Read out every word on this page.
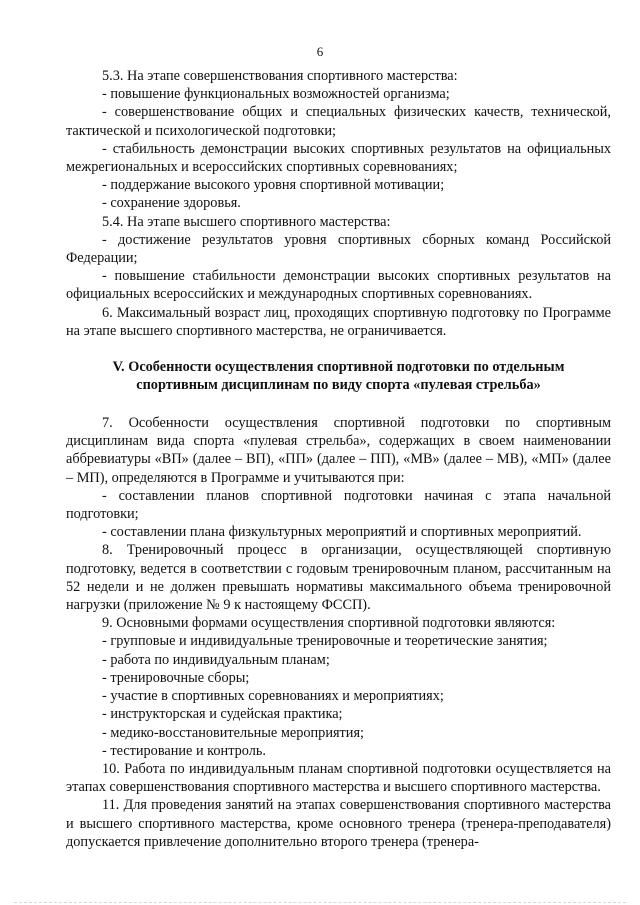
6

5.3. На этапе совершенствования спортивного мастерства:

- повышение функциональных возможностей организма;

- совершенствование общих и специальных физических качеств, технической, тактической и психологической подготовки;

- стабильность демонстрации высоких спортивных результатов на официальных межрегиональных и всероссийских спортивных соревнованиях;

- поддержание высокого уровня спортивной мотивации;

- сохранение здоровья.

5.4. На этапе высшего спортивного мастерства:

- достижение результатов уровня спортивных сборных команд Российской Федерации;

- повышение стабильности демонстрации высоких спортивных результатов на официальных всероссийских и международных спортивных соревнованиях.

6. Максимальный возраст лиц, проходящих спортивную подготовку по Программе на этапе высшего спортивного мастерства, не ограничивается.

V. Особенности осуществления спортивной подготовки по отдельным
спортивным дисциплинам по виду спорта «пулевая стрельба»

7. Особенности осуществления спортивной подготовки по спортивным дисциплинам вида спорта «пулевая стрельба», содержащих в своем наименовании аббревиатуры «ВП» (далее – ВП), «ПП» (далее – ПП), «МВ» (далее – МВ), «МП» (далее – МП), определяются в Программе и учитываются при:

- составлении планов спортивной подготовки начиная с этапа начальной подготовки;

- составлении плана физкультурных мероприятий и спортивных мероприятий.

8. Тренировочный процесс в организации, осуществляющей спортивную подготовку, ведется в соответствии с годовым тренировочным планом, рассчитанным на 52 недели и не должен превышать нормативы максимального объема тренировочной нагрузки (приложение № 9 к настоящему ФССП).

9. Основными формами осуществления спортивной подготовки являются:

- групповые и индивидуальные тренировочные и теоретические занятия;

- работа по индивидуальным планам;

- тренировочные сборы;

- участие в спортивных соревнованиях и мероприятиях;

- инструкторская и судейская практика;

- медико-восстановительные мероприятия;

- тестирование и контроль.

10. Работа по индивидуальным планам спортивной подготовки осуществляется на этапах совершенствования спортивного мастерства и высшего спортивного мастерства.

11. Для проведения занятий на этапах совершенствования спортивного мастерства и высшего спортивного мастерства, кроме основного тренера (тренера-преподавателя) допускается привлечение дополнительно второго тренера (тренера-
